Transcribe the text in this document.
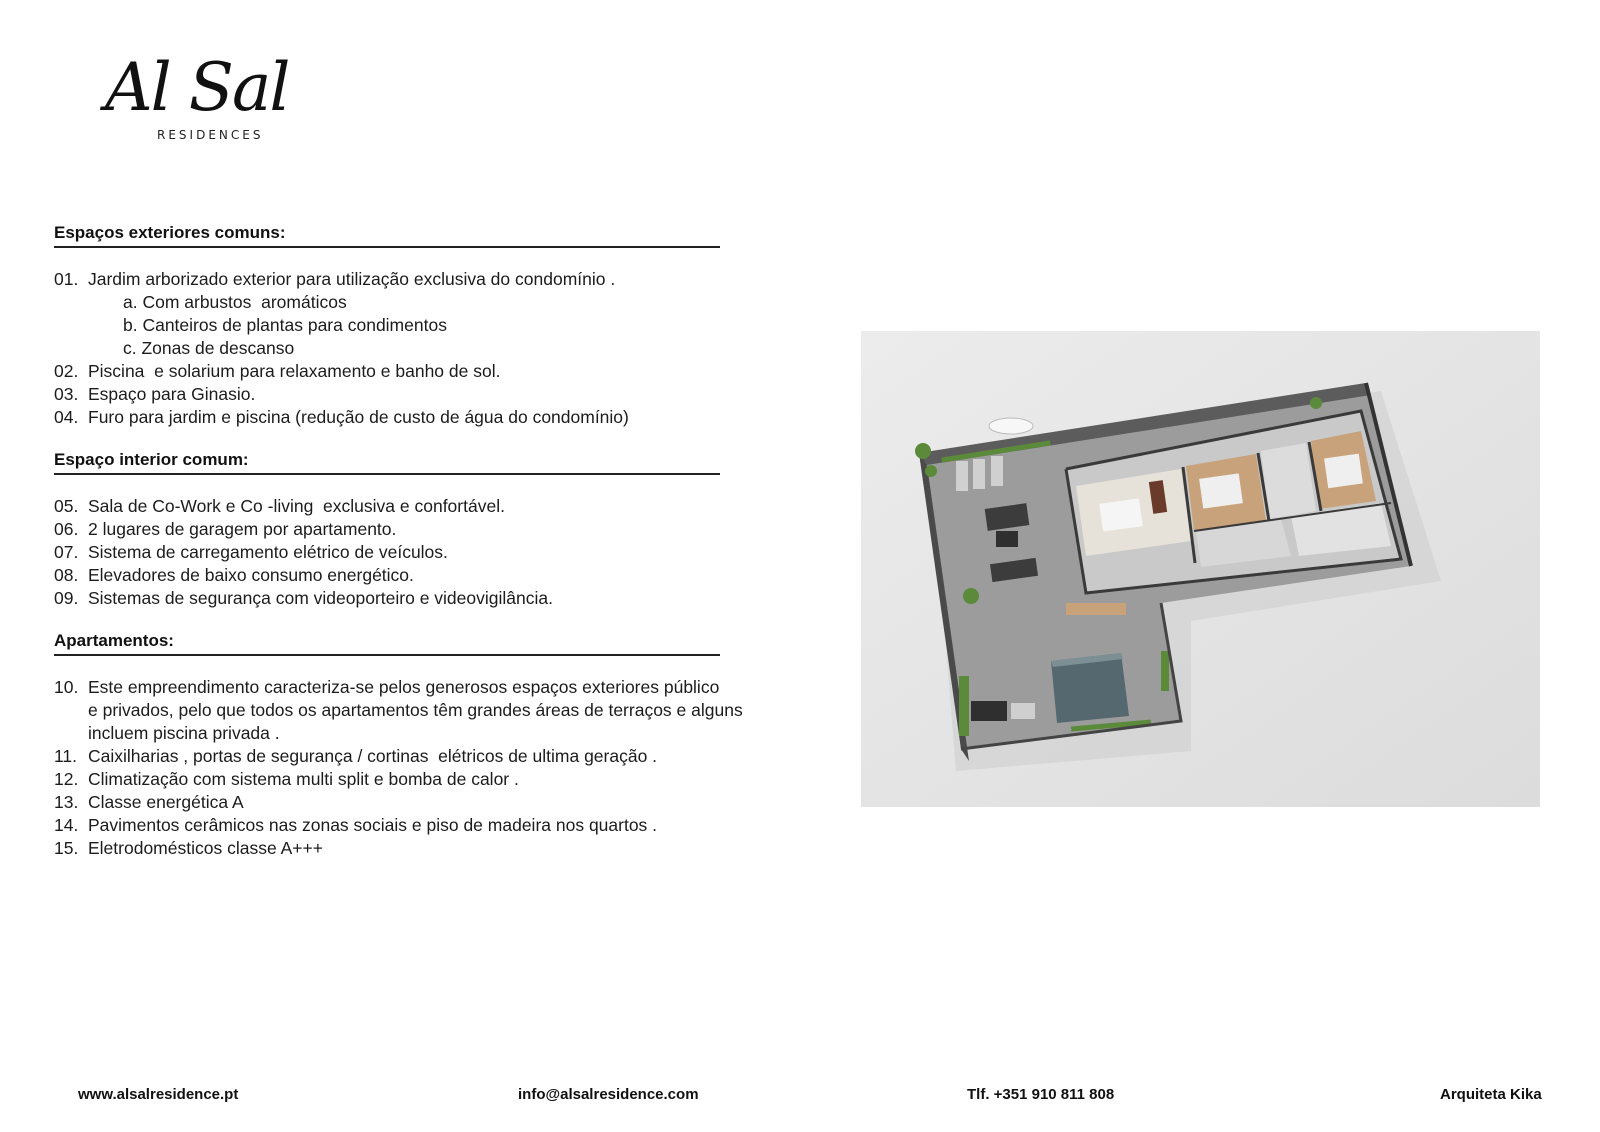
Al Sal
RESIDENCES
Espaços exteriores comuns:
01. Jardim arborizado exterior para utilização exclusiva do condomínio .
a. Com arbustos  aromáticos
b. Canteiros de plantas para condimentos
c. Zonas de descanso
02. Piscina  e solarium para relaxamento e banho de sol.
03. Espaço para Ginasio.
04. Furo para jardim e piscina (redução de custo de água do condomínio)
Espaço interior comum:
05. Sala de Co-Work e Co -living  exclusiva e confortável.
06. 2 lugares de garagem por apartamento.
07. Sistema de carregamento elétrico de veículos.
08. Elevadores de baixo consumo energético.
09. Sistemas de segurança com videoporteiro e videovigilância.
Apartamentos:
10. Este empreendimento caracteriza-se pelos generosos espaços exteriores público
e privados, pelo que todos os apartamentos têm grandes áreas de terraços e alguns
incluem piscina privada .
11. Caixilharias , portas de segurança / cortinas  elétricos de ultima geração .
12. Climatização com sistema multi split e bomba de calor .
13. Classe energética A
14. Pavimentos cerâmicos nas zonas sociais e piso de madeira nos quartos .
15. Eletrodomésticos classe A+++
www.alsalresidence.pt	info@alsalresidence.com	Tlf. +351 910 811 808	Arquiteta Kika
